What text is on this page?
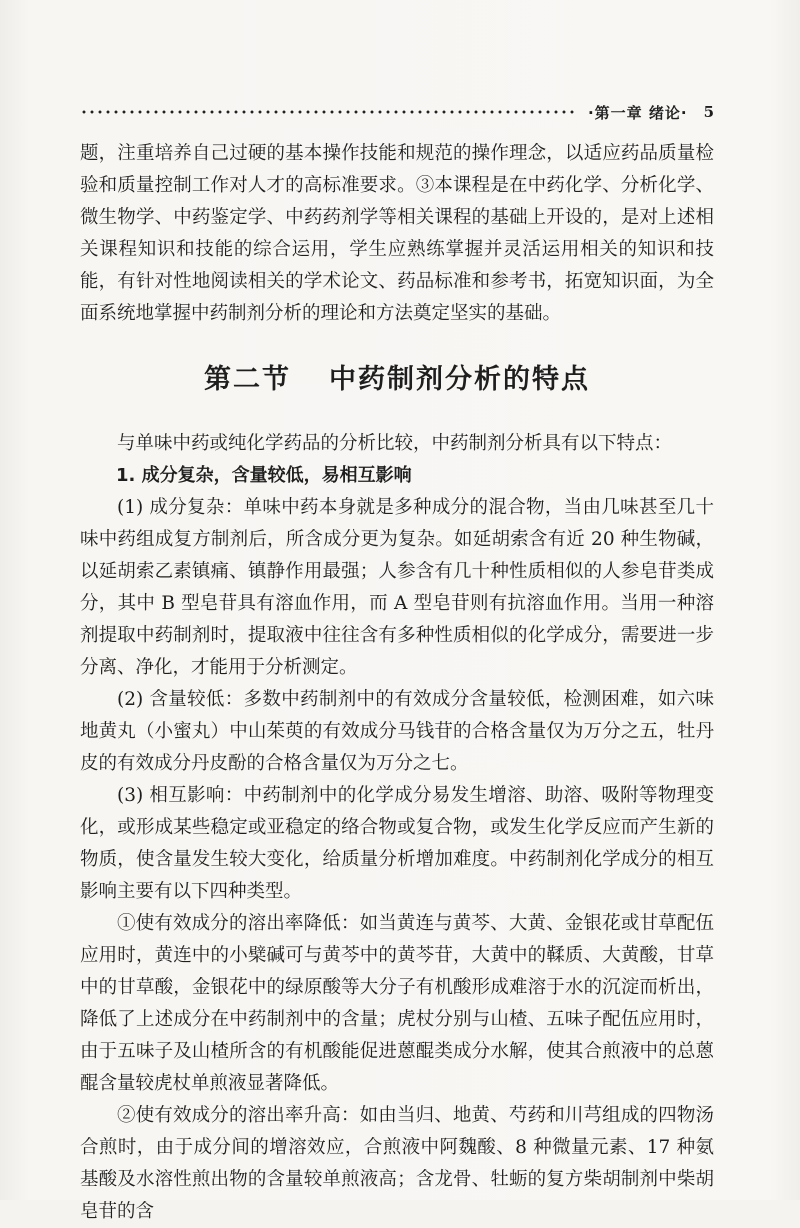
·第一章 绪论· 5

题，注重培养自己过硬的基本操作技能和规范的操作理念，以适应药品质量检验和质量控制工作对人才的高标准要求。③本课程是在中药化学、分析化学、微生物学、中药鉴定学、中药药剂学等相关课程的基础上开设的，是对上述相关课程知识和技能的综合运用，学生应熟练掌握并灵活运用相关的知识和技能，有针对性地阅读相关的学术论文、药品标准和参考书，拓宽知识面，为全面系统地掌握中药制剂分析的理论和方法奠定坚实的基础。

第二节 中药制剂分析的特点

与单味中药或纯化学药品的分析比较，中药制剂分析具有以下特点：

1. 成分复杂，含量较低，易相互影响

(1) 成分复杂：单味中药本身就是多种成分的混合物，当由几味甚至几十味中药组成复方制剂后，所含成分更为复杂。如延胡索含有近 20 种生物碱，以延胡索乙素镇痛、镇静作用最强；人参含有几十种性质相似的人参皂苷类成分，其中 B 型皂苷具有溶血作用，而 A 型皂苷则有抗溶血作用。当用一种溶剂提取中药制剂时，提取液中往往含有多种性质相似的化学成分，需要进一步分离、净化，才能用于分析测定。

(2) 含量较低：多数中药制剂中的有效成分含量较低，检测困难，如六味地黄丸（小蜜丸）中山茱萸的有效成分马钱苷的合格含量仅为万分之五，牡丹皮的有效成分丹皮酚的合格含量仅为万分之七。

(3) 相互影响：中药制剂中的化学成分易发生增溶、助溶、吸附等物理变化，或形成某些稳定或亚稳定的络合物或复合物，或发生化学反应而产生新的物质，使含量发生较大变化，给质量分析增加难度。中药制剂化学成分的相互影响主要有以下四种类型。

①使有效成分的溶出率降低：如当黄连与黄芩、大黄、金银花或甘草配伍应用时，黄连中的小檗碱可与黄芩中的黄芩苷，大黄中的鞣质、大黄酸，甘草中的甘草酸，金银花中的绿原酸等大分子有机酸形成难溶于水的沉淀而析出，降低了上述成分在中药制剂中的含量；虎杖分别与山楂、五味子配伍应用时，由于五味子及山楂所含的有机酸能促进蒽醌类成分水解，使其合煎液中的总蒽醌含量较虎杖单煎液显著降低。

②使有效成分的溶出率升高：如由当归、地黄、芍药和川芎组成的四物汤合煎时，由于成分间的增溶效应，合煎液中阿魏酸、8 种微量元素、17 种氨基酸及水溶性煎出物的含量较单煎液高；含龙骨、牡蛎的复方柴胡制剂中柴胡皂苷的含
